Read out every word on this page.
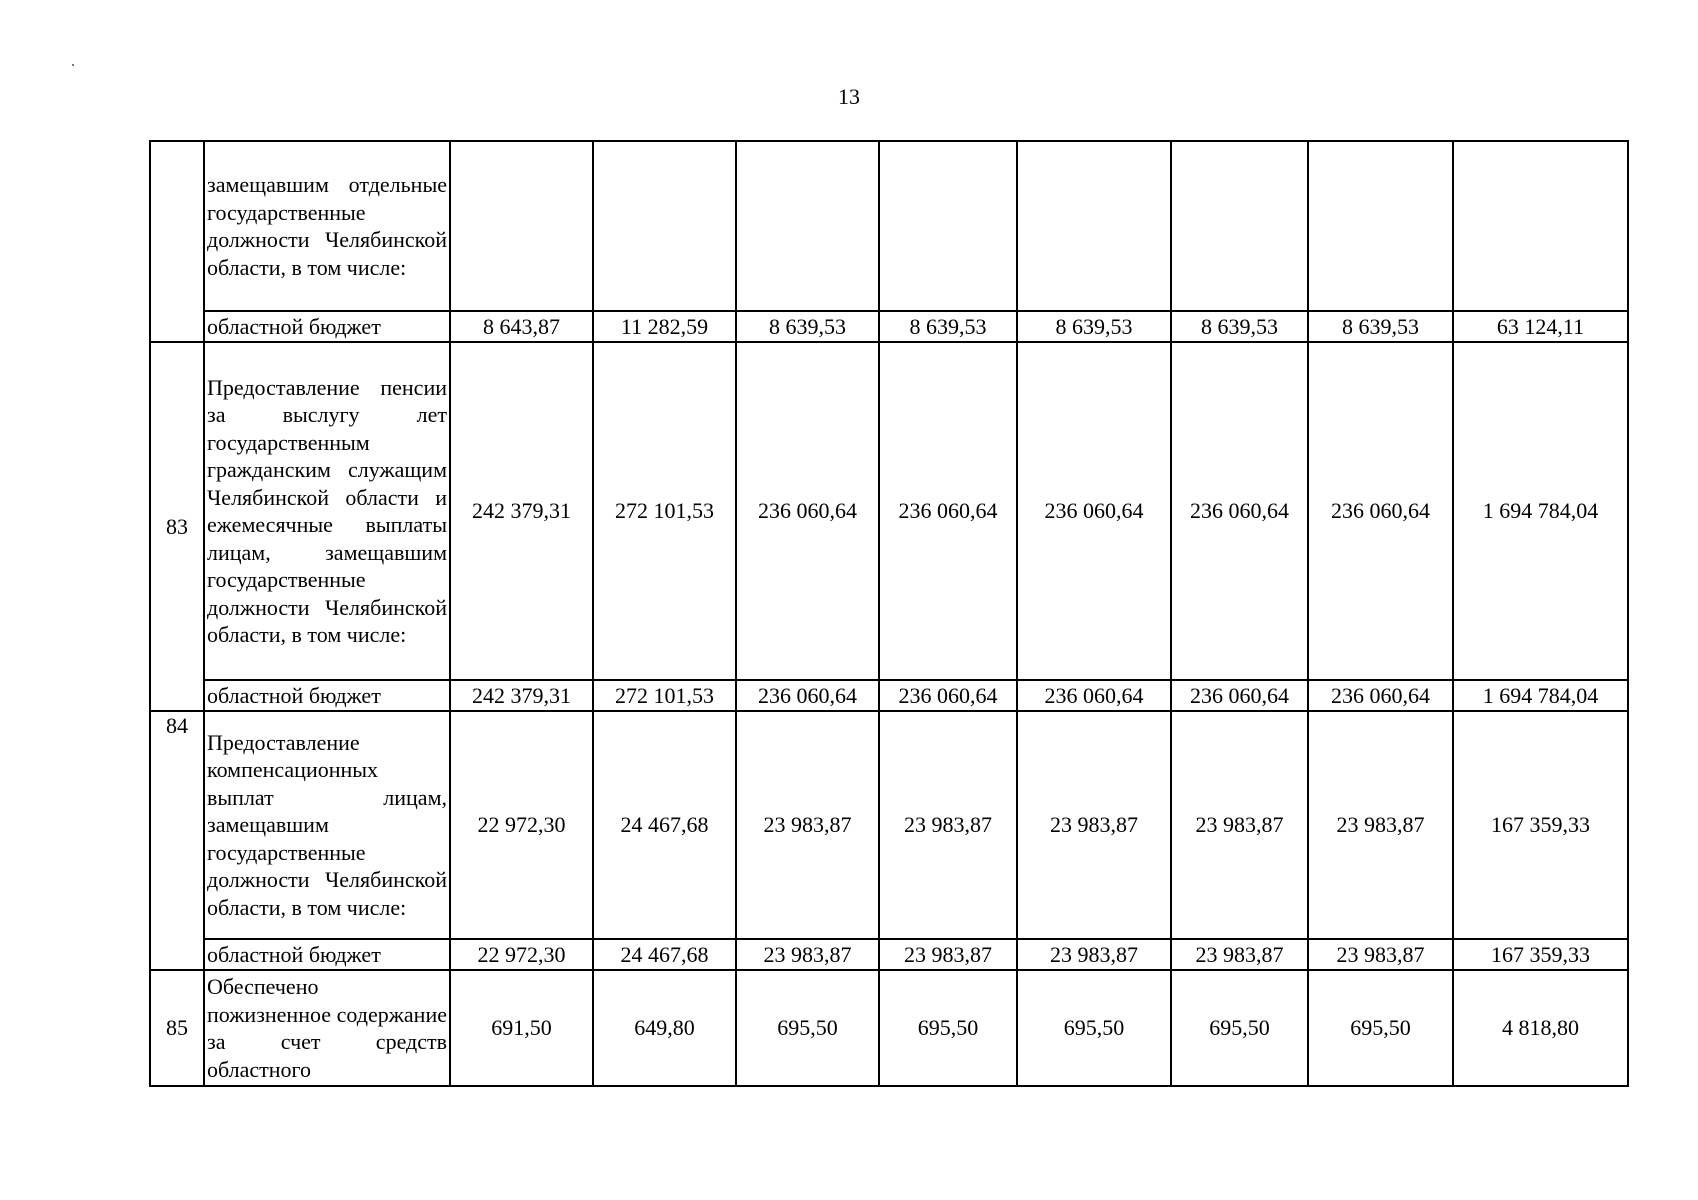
13
	замещавшим отдельные государственные должности Челябинской области, в том числе:								
	областной бюджет	8 643,87	11 282,59	8 639,53	8 639,53	8 639,53	8 639,53	8 639,53	63 124,11
83	Предоставление пенсии за выслугу лет государственным гражданским служащим Челябинской области и ежемесячные выплаты лицам, замещавшим государственные должности Челябинской области, в том числе:	242 379,31	272 101,53	236 060,64	236 060,64	236 060,64	236 060,64	236 060,64	1 694 784,04
	областной бюджет	242 379,31	272 101,53	236 060,64	236 060,64	236 060,64	236 060,64	236 060,64	1 694 784,04
84	Предоставление компенсационных выплат лицам, замещавшим государственные должности Челябинской области, в том числе:	22 972,30	24 467,68	23 983,87	23 983,87	23 983,87	23 983,87	23 983,87	167 359,33
	областной бюджет	22 972,30	24 467,68	23 983,87	23 983,87	23 983,87	23 983,87	23 983,87	167 359,33
85	Обеспечено пожизненное содержание за счет средств областного	691,50	649,80	695,50	695,50	695,50	695,50	695,50	4 818,80
